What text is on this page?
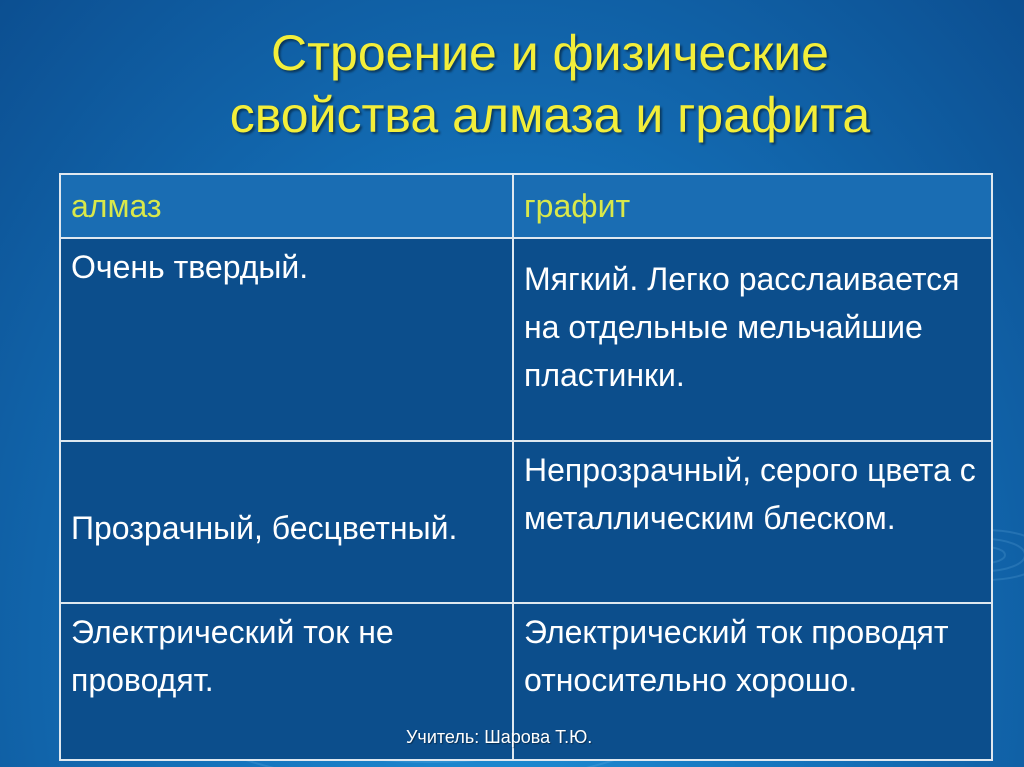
Строение и физические
свойства алмаза и графита
алмаз	графит
Очень твердый.	Мягкий. Легко расслаивается на отдельные мельчайшие пластинки.
Прозрачный, бесцветный.	Непрозрачный, серого цвета с металлическим блеском.
Электрический ток не проводят.	Электрический ток проводят относительно хорошо.
Учитель: Шарова Т.Ю.
